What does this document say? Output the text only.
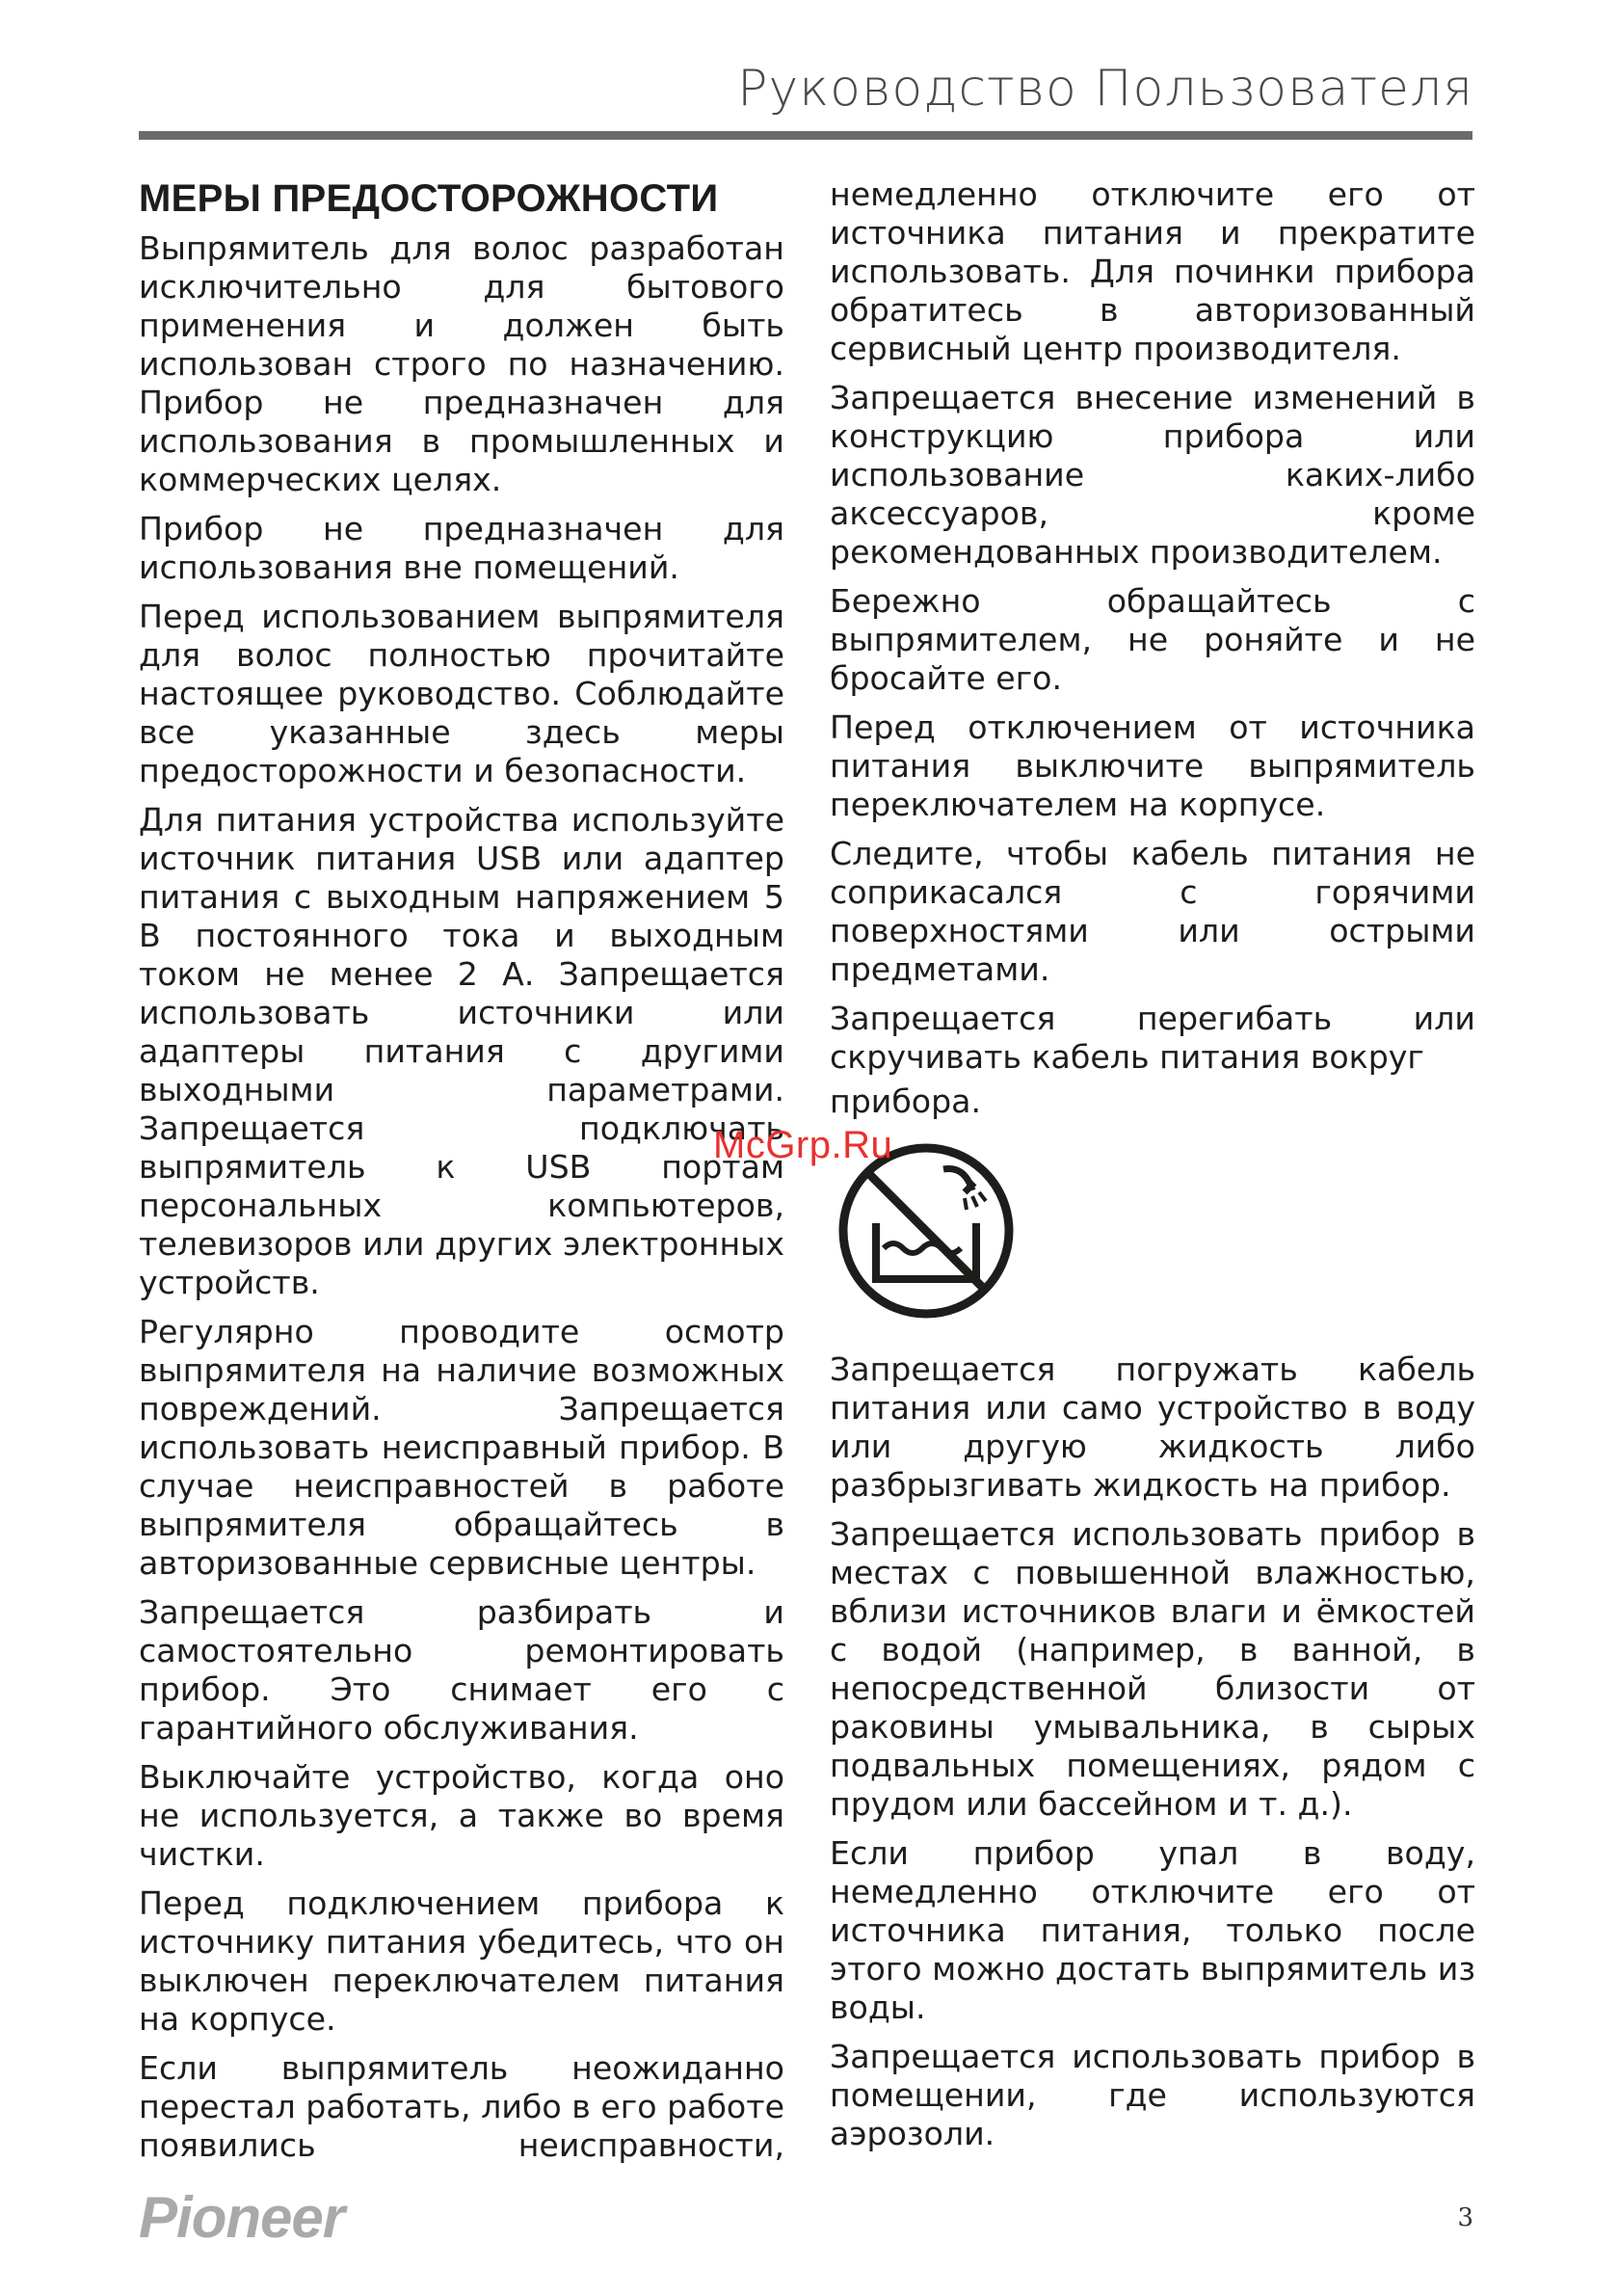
Руководство Пользователя
МЕРЫ ПРЕДОСТОРОЖНОСТИ

Выпрямитель для волос разработан исключительно для бытового применения и должен быть использован строго по назначению. Прибор не предназначен для использования в промышленных и коммерческих целях.

Прибор не предназначен для использования вне помещений.

Перед использованием выпрямителя для волос полностью прочитайте настоящее руководство. Соблюдайте все указанные здесь меры предосторожности и безопасности.

Для питания устройства используйте источник питания USB или адаптер питания с выходным напряжением 5 В постоянного тока и выходным током не менее 2 А. Запрещается использовать источники или адаптеры питания с другими выходными параметрами. Запрещается подключать выпрямитель к USB портам персональных компьютеров, телевизоров или других электронных устройств.

Регулярно проводите осмотр выпрямителя на наличие возможных повреждений. Запрещается использовать неисправный прибор. В случае неисправностей в работе выпрямителя обращайтесь в авторизованные сервисные центры.

Запрещается разбирать и самостоятельно ремонтировать прибор. Это снимает его с гарантийного обслуживания.

Выключайте устройство, когда оно не используется, а также во время чистки.

Перед подключением прибора к источнику питания убедитесь, что он выключен переключателем питания на корпусе.

Если выпрямитель неожиданно перестал работать, либо в его работе появились неисправности,

немедленно отключите его от источника питания и прекратите использовать. Для починки прибора обратитесь в авторизованный сервисный центр производителя.

Запрещается внесение изменений в конструкцию прибора или использование каких-либо аксессуаров, кроме рекомендованных производителем.

Бережно обращайтесь с выпрямителем, не роняйте и не бросайте его.

Перед отключением от источника питания выключите выпрямитель переключателем на корпусе.

Следите, чтобы кабель питания не соприкасался с горячими поверхностями или острыми предметами.

Запрещается перегибать или скручивать кабель питания вокруг

прибора.

Запрещается погружать кабель питания или само устройство в воду или другую жидкость либо разбрызгивать жидкость на прибор.

Запрещается использовать прибор в местах с повышенной влажностью, вблизи источников влаги и ёмкостей с водой (например, в ванной, в непосредственной близости от раковины умывальника, в сырых подвальных помещениях, рядом с прудом или бассейном и т. д.).

Если прибор упал в воду, немедленно отключите его от источника питания, только после этого можно достать выпрямитель из воды.

Запрещается использовать прибор в помещении, где используются аэрозоли.

McGrp.Ru
Pioneer	3
